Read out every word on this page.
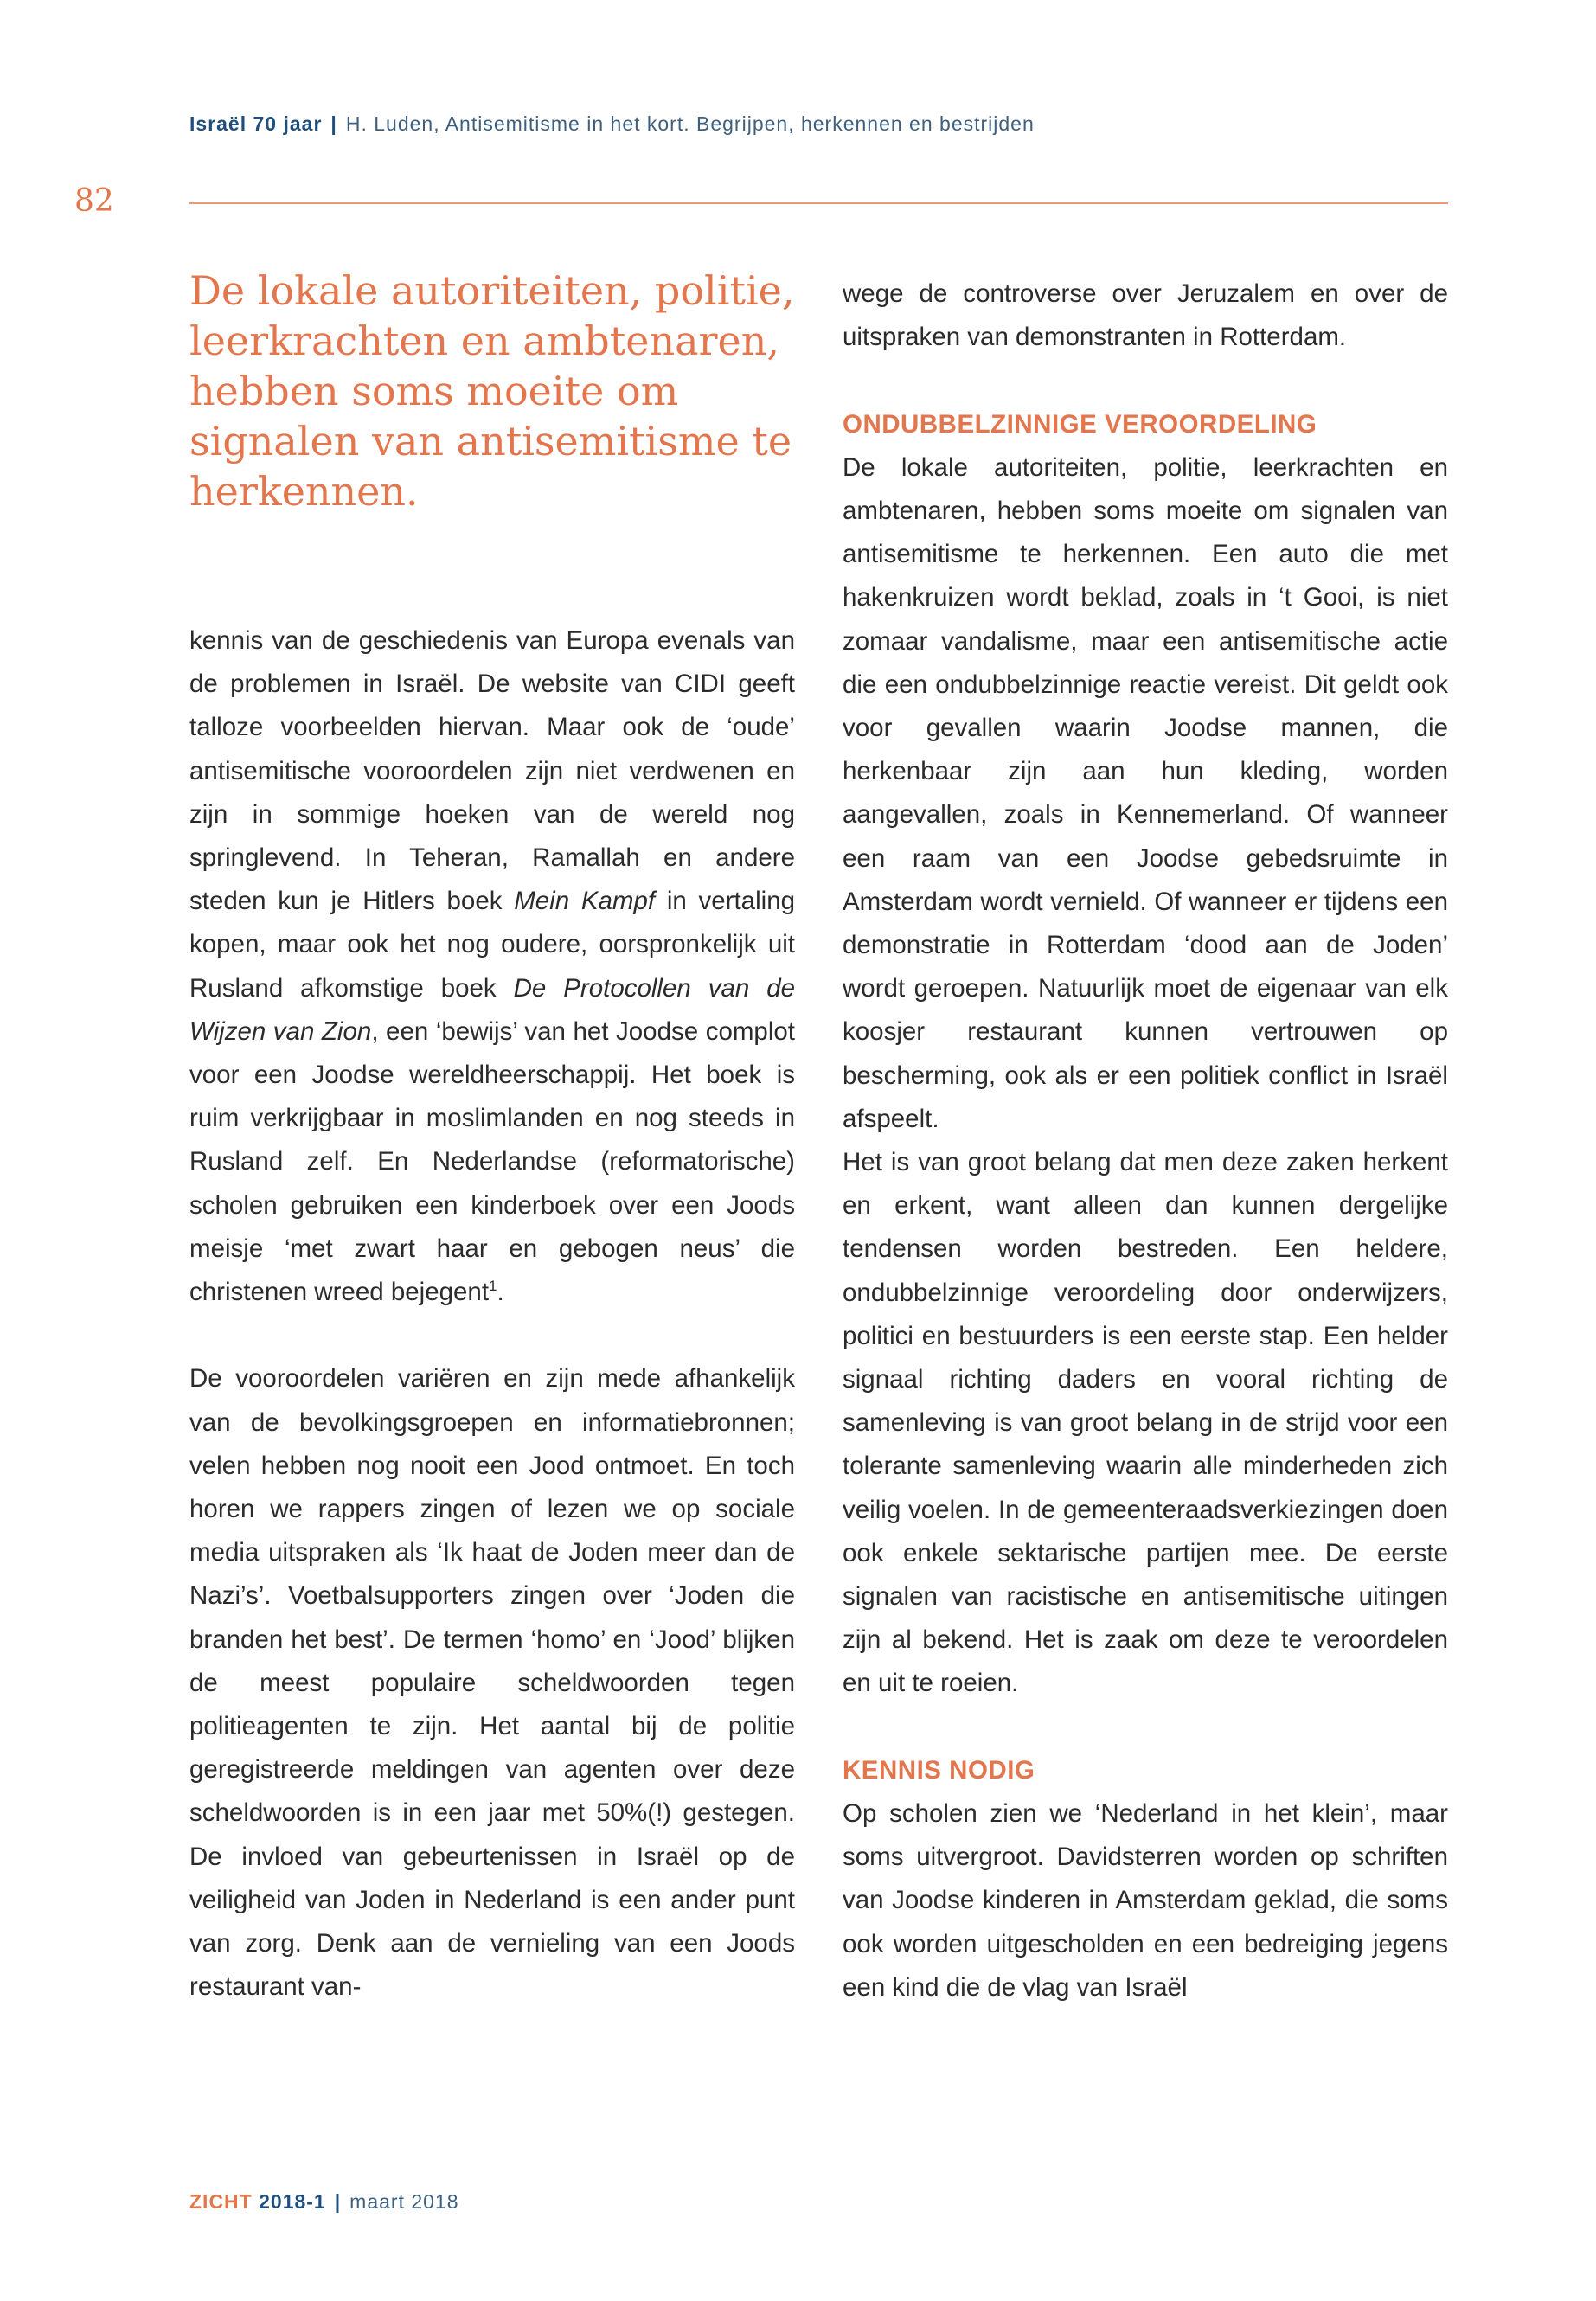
Israël 70 jaar | H. Luden, Antisemitisme in het kort. Begrijpen, herkennen en bestrijden
82
De lokale autoriteiten, politie, leerkrachten en ambtenaren, hebben soms moeite om signalen van antisemitisme te herkennen.

kennis van de geschiedenis van Europa evenals van de problemen in Israël. De website van CIDI geeft talloze voorbeelden hiervan. Maar ook de ‘oude’ antisemitische vooroordelen zijn niet verdwenen en zijn in sommige hoeken van de wereld nog springlevend. In Teheran, Ramallah en andere steden kun je Hitlers boek Mein Kampf in vertaling kopen, maar ook het nog oudere, oorspronkelijk uit Rusland afkomstige boek De Protocollen van de Wijzen van Zion, een ‘bewijs’ van het Joodse complot voor een Joodse wereldheerschappij. Het boek is ruim verkrijgbaar in moslimlanden en nog steeds in Rusland zelf. En Nederlandse (reformatorische) scholen gebruiken een kinderboek over een Joods meisje ‘met zwart haar en gebogen neus’ die christenen wreed bejegent$^1$.

De vooroordelen variëren en zijn mede afhankelijk van de bevolkingsgroepen en informatiebronnen; velen hebben nog nooit een Jood ontmoet. En toch horen we rappers zingen of lezen we op sociale media uitspraken als ‘Ik haat de Joden meer dan de Nazi’s’. Voetbalsupporters zingen over ‘Joden die branden het best’. De termen ‘homo’ en ‘Jood’ blijken de meest populaire scheldwoorden tegen politieagenten te zijn. Het aantal bij de politie geregistreerde meldingen van agenten over deze scheldwoorden is in een jaar met 50%(!) gestegen. De invloed van gebeurtenissen in Israël op de veiligheid van Joden in Nederland is een ander punt van zorg. Denk aan de vernieling van een Joods restaurant van-

wege de controverse over Jeruzalem en over de uitspraken van demonstranten in Rotterdam.

ONDUBBELZINNIGE VEROORDELING

De lokale autoriteiten, politie, leerkrachten en ambtenaren, hebben soms moeite om signalen van antisemitisme te herkennen. Een auto die met hakenkruizen wordt beklad, zoals in ‘t Gooi, is niet zomaar vandalisme, maar een antisemitische actie die een ondubbelzinnige reactie vereist. Dit geldt ook voor gevallen waarin Joodse mannen, die herkenbaar zijn aan hun kleding, worden aangevallen, zoals in Kennemerland. Of wanneer een raam van een Joodse gebedsruimte in Amsterdam wordt vernield. Of wanneer er tijdens een demonstratie in Rotterdam ‘dood aan de Joden’ wordt geroepen. Natuurlijk moet de eigenaar van elk koosjer restaurant kunnen vertrouwen op bescherming, ook als er een politiek conflict in Israël afspeelt.

Het is van groot belang dat men deze zaken herkent en erkent, want alleen dan kunnen dergelijke tendensen worden bestreden. Een heldere, ondubbelzinnige veroordeling door onderwijzers, politici en bestuurders is een eerste stap. Een helder signaal richting daders en vooral richting de samenleving is van groot belang in de strijd voor een tolerante samenleving waarin alle minderheden zich veilig voelen. In de gemeenteraadsverkiezingen doen ook enkele sektarische partijen mee. De eerste signalen van racistische en antisemitische uitingen zijn al bekend. Het is zaak om deze te veroordelen en uit te roeien.

KENNIS NODIG

Op scholen zien we ‘Nederland in het klein’, maar soms uitvergroot. Davidsterren worden op schriften van Joodse kinderen in Amsterdam geklad, die soms ook worden uitgescholden en een bedreiging jegens een kind die de vlag van Israël

ZICHT 2018-1 | maart 2018
